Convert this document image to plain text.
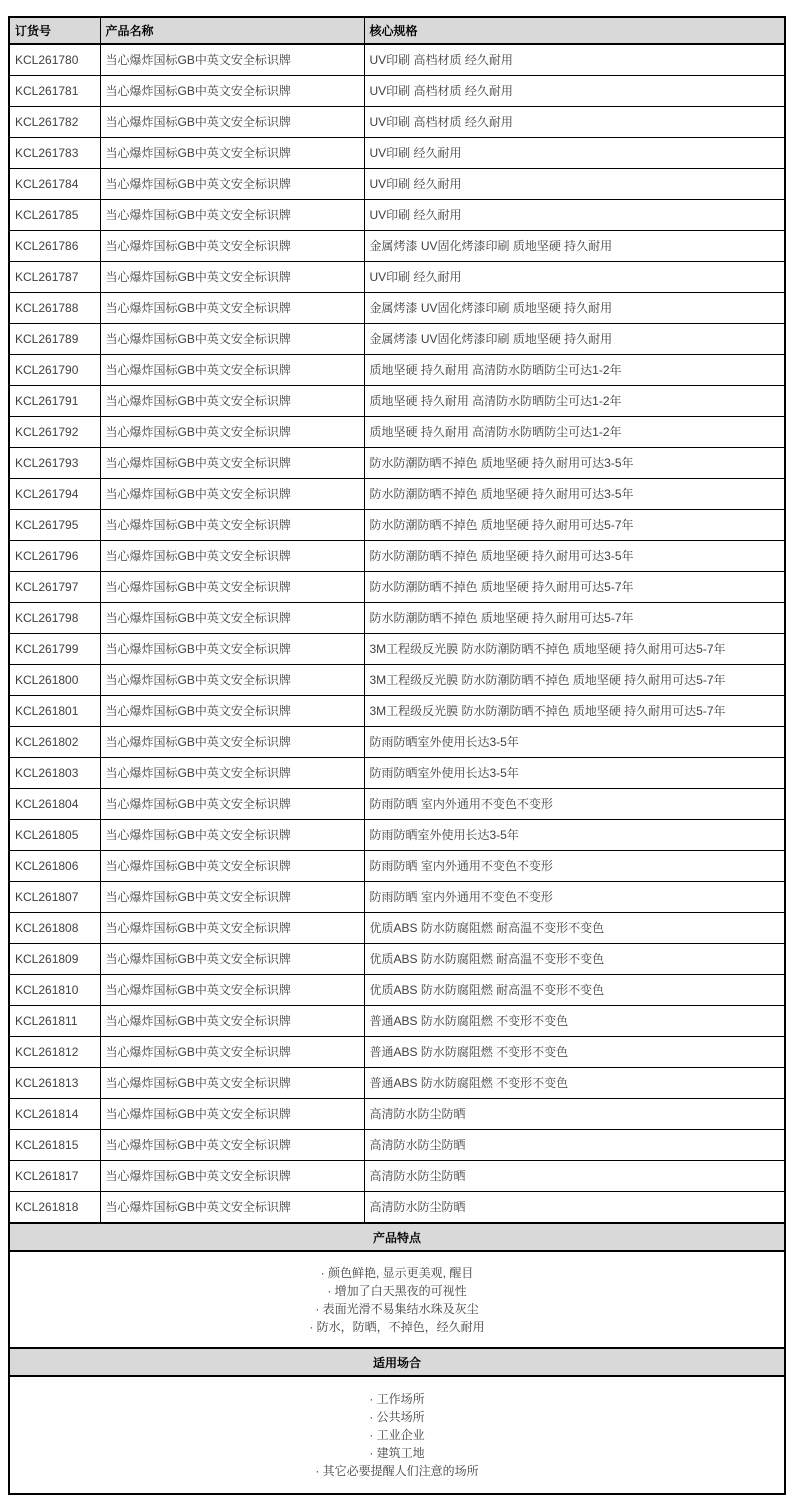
订货号	产品名称	核心规格
KCL261780	当心爆炸国标GB中英文安全标识牌	UV印刷 高档材质 经久耐用
KCL261781	当心爆炸国标GB中英文安全标识牌	UV印刷 高档材质 经久耐用
KCL261782	当心爆炸国标GB中英文安全标识牌	UV印刷 高档材质 经久耐用
KCL261783	当心爆炸国标GB中英文安全标识牌	UV印刷 经久耐用
KCL261784	当心爆炸国标GB中英文安全标识牌	UV印刷 经久耐用
KCL261785	当心爆炸国标GB中英文安全标识牌	UV印刷 经久耐用
KCL261786	当心爆炸国标GB中英文安全标识牌	金属烤漆 UV固化烤漆印刷 质地坚硬 持久耐用
KCL261787	当心爆炸国标GB中英文安全标识牌	UV印刷 经久耐用
KCL261788	当心爆炸国标GB中英文安全标识牌	金属烤漆 UV固化烤漆印刷 质地坚硬 持久耐用
KCL261789	当心爆炸国标GB中英文安全标识牌	金属烤漆 UV固化烤漆印刷 质地坚硬 持久耐用
KCL261790	当心爆炸国标GB中英文安全标识牌	质地坚硬 持久耐用 高清防水防晒防尘可达1-2年
KCL261791	当心爆炸国标GB中英文安全标识牌	质地坚硬 持久耐用 高清防水防晒防尘可达1-2年
KCL261792	当心爆炸国标GB中英文安全标识牌	质地坚硬 持久耐用 高清防水防晒防尘可达1-2年
KCL261793	当心爆炸国标GB中英文安全标识牌	防水防潮防晒不掉色 质地坚硬 持久耐用可达3-5年
KCL261794	当心爆炸国标GB中英文安全标识牌	防水防潮防晒不掉色 质地坚硬 持久耐用可达3-5年
KCL261795	当心爆炸国标GB中英文安全标识牌	防水防潮防晒不掉色 质地坚硬 持久耐用可达5-7年
KCL261796	当心爆炸国标GB中英文安全标识牌	防水防潮防晒不掉色 质地坚硬 持久耐用可达3-5年
KCL261797	当心爆炸国标GB中英文安全标识牌	防水防潮防晒不掉色 质地坚硬 持久耐用可达5-7年
KCL261798	当心爆炸国标GB中英文安全标识牌	防水防潮防晒不掉色 质地坚硬 持久耐用可达5-7年
KCL261799	当心爆炸国标GB中英文安全标识牌	3M工程级反光膜 防水防潮防晒不掉色 质地坚硬 持久耐用可达5-7年
KCL261800	当心爆炸国标GB中英文安全标识牌	3M工程级反光膜 防水防潮防晒不掉色 质地坚硬 持久耐用可达5-7年
KCL261801	当心爆炸国标GB中英文安全标识牌	3M工程级反光膜 防水防潮防晒不掉色 质地坚硬 持久耐用可达5-7年
KCL261802	当心爆炸国标GB中英文安全标识牌	防雨防晒室外使用长达3-5年
KCL261803	当心爆炸国标GB中英文安全标识牌	防雨防晒室外使用长达3-5年
KCL261804	当心爆炸国标GB中英文安全标识牌	防雨防晒 室内外通用不变色不变形
KCL261805	当心爆炸国标GB中英文安全标识牌	防雨防晒室外使用长达3-5年
KCL261806	当心爆炸国标GB中英文安全标识牌	防雨防晒 室内外通用不变色不变形
KCL261807	当心爆炸国标GB中英文安全标识牌	防雨防晒 室内外通用不变色不变形
KCL261808	当心爆炸国标GB中英文安全标识牌	优质ABS 防水防腐阻燃 耐高温不变形不变色
KCL261809	当心爆炸国标GB中英文安全标识牌	优质ABS 防水防腐阻燃 耐高温不变形不变色
KCL261810	当心爆炸国标GB中英文安全标识牌	优质ABS 防水防腐阻燃 耐高温不变形不变色
KCL261811	当心爆炸国标GB中英文安全标识牌	普通ABS 防水防腐阻燃 不变形不变色
KCL261812	当心爆炸国标GB中英文安全标识牌	普通ABS 防水防腐阻燃 不变形不变色
KCL261813	当心爆炸国标GB中英文安全标识牌	普通ABS 防水防腐阻燃 不变形不变色
KCL261814	当心爆炸国标GB中英文安全标识牌	高清防水防尘防晒
KCL261815	当心爆炸国标GB中英文安全标识牌	高清防水防尘防晒
KCL261817	当心爆炸国标GB中英文安全标识牌	高清防水防尘防晒
KCL261818	当心爆炸国标GB中英文安全标识牌	高清防水防尘防晒
产品特点
· 颜色鲜艳, 显示更美观, 醒目
· 增加了白天黑夜的可视性
· 表面光滑不易集结水珠及灰尘
· 防水，防晒，不掉色，经久耐用
适用场合
· 工作场所
· 公共场所
· 工业企业
· 建筑工地
· 其它必要提醒人们注意的场所
